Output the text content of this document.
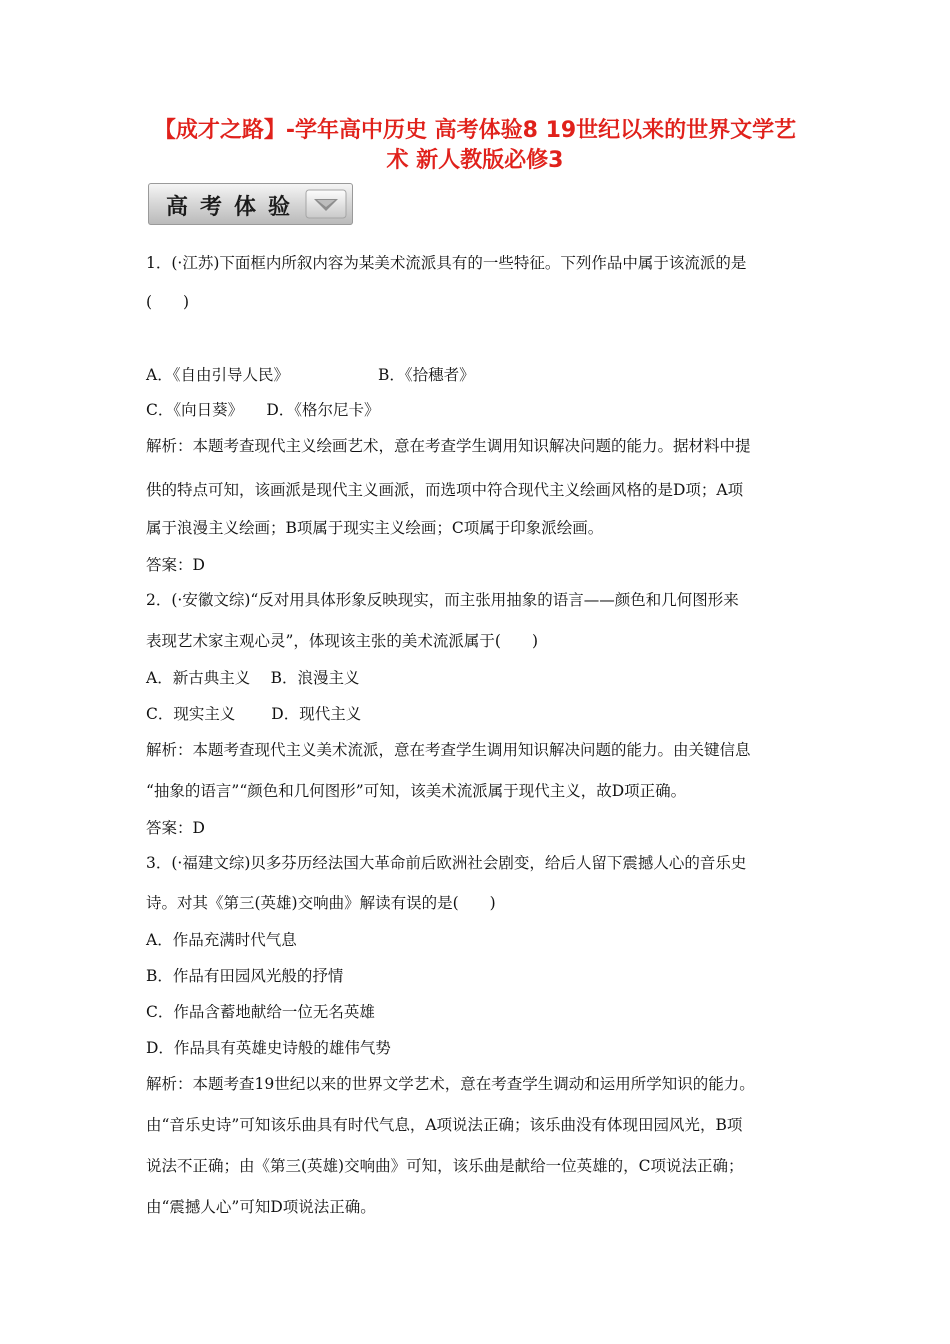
【成才之路】-学年高中历史 高考体验8 19世纪以来的世界文学艺
术 新人教版必修3
高考体验
1．(·江苏)下面框内所叙内容为某美术流派具有的一些特征。下列作品中属于该流派的是
(　　)
A．《自由引导人民》	B．《拾穗者》
C．《向日葵》　　D．《格尔尼卡》
解析：本题考查现代主义绘画艺术，意在考查学生调用知识解决问题的能力。据材料中提
供的特点可知，该画派是现代主义画派，而选项中符合现代主义绘画风格的是D项；A项
属于浪漫主义绘画；B项属于现实主义绘画；C项属于印象派绘画。
答案：D
2．(·安徽文综)“反对用具体形象反映现实，而主张用抽象的语言——颜色和几何图形来
表现艺术家主观心灵”，体现该主张的美术流派属于(　　)
A．新古典主义　 B．浪漫主义
C．现实主义　　 D．现代主义
解析：本题考查现代主义美术流派，意在考查学生调用知识解决问题的能力。由关键信息
“抽象的语言”“颜色和几何图形”可知，该美术流派属于现代主义，故D项正确。
答案：D
3．(·福建文综)贝多芬历经法国大革命前后欧洲社会剧变，给后人留下震撼人心的音乐史
诗。对其《第三(英雄)交响曲》解读有误的是(　　)
A．作品充满时代气息
B．作品有田园风光般的抒情
C．作品含蓄地献给一位无名英雄
D．作品具有英雄史诗般的雄伟气势
解析：本题考查19世纪以来的世界文学艺术，意在考查学生调动和运用所学知识的能力。
由“音乐史诗”可知该乐曲具有时代气息，A项说法正确；该乐曲没有体现田园风光，B项
说法不正确；由《第三(英雄)交响曲》可知，该乐曲是献给一位英雄的，C项说法正确；
由“震撼人心”可知D项说法正确。
